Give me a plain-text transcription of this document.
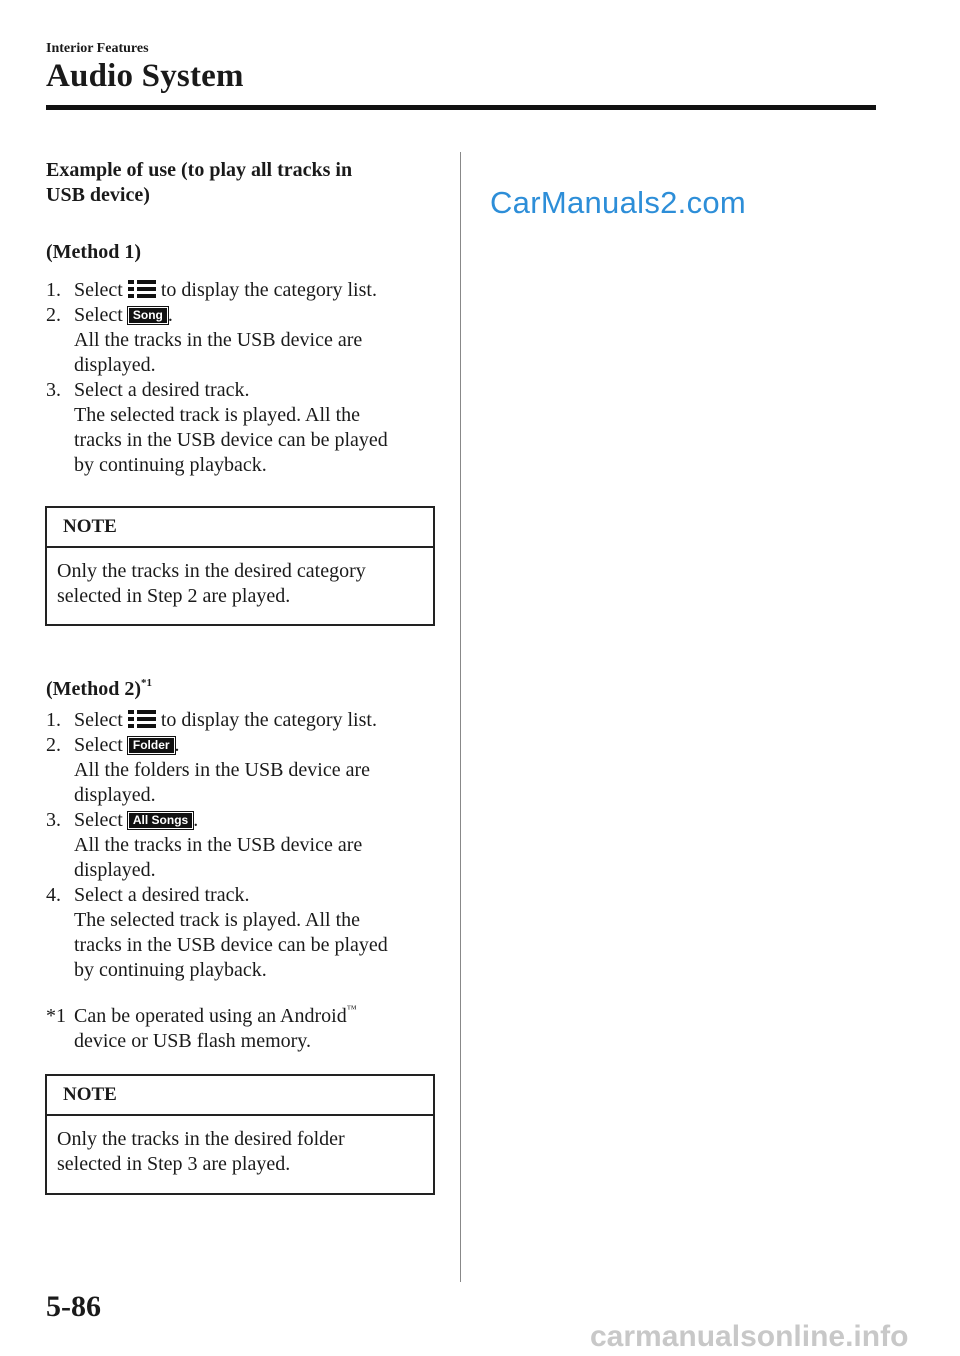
Interior Features
Audio System
Example of use (to play all tracks in
USB device)
(Method 1)
1. Select to display the category list.
2. Select Song .
All the tracks in the USB device are
displayed.
3. Select a desired track.
The selected track is played. All the
tracks in the USB device can be played
by continuing playback.
NOTE
Only the tracks in the desired category
selected in Step 2 are played.
(Method 2)$^{*1}$
1. Select to display the category list.
2. Select Folder .
All the folders in the USB device are
displayed.
3. Select All Songs .
All the tracks in the USB device are
displayed.
4. Select a desired track.
The selected track is played. All the
tracks in the USB device can be played
by continuing playback.
*1 Can be operated using an Android™
device or USB flash memory.
NOTE
Only the tracks in the desired folder
selected in Step 3 are played.
CarManuals2.com
5-86
carmanualsonline.info
